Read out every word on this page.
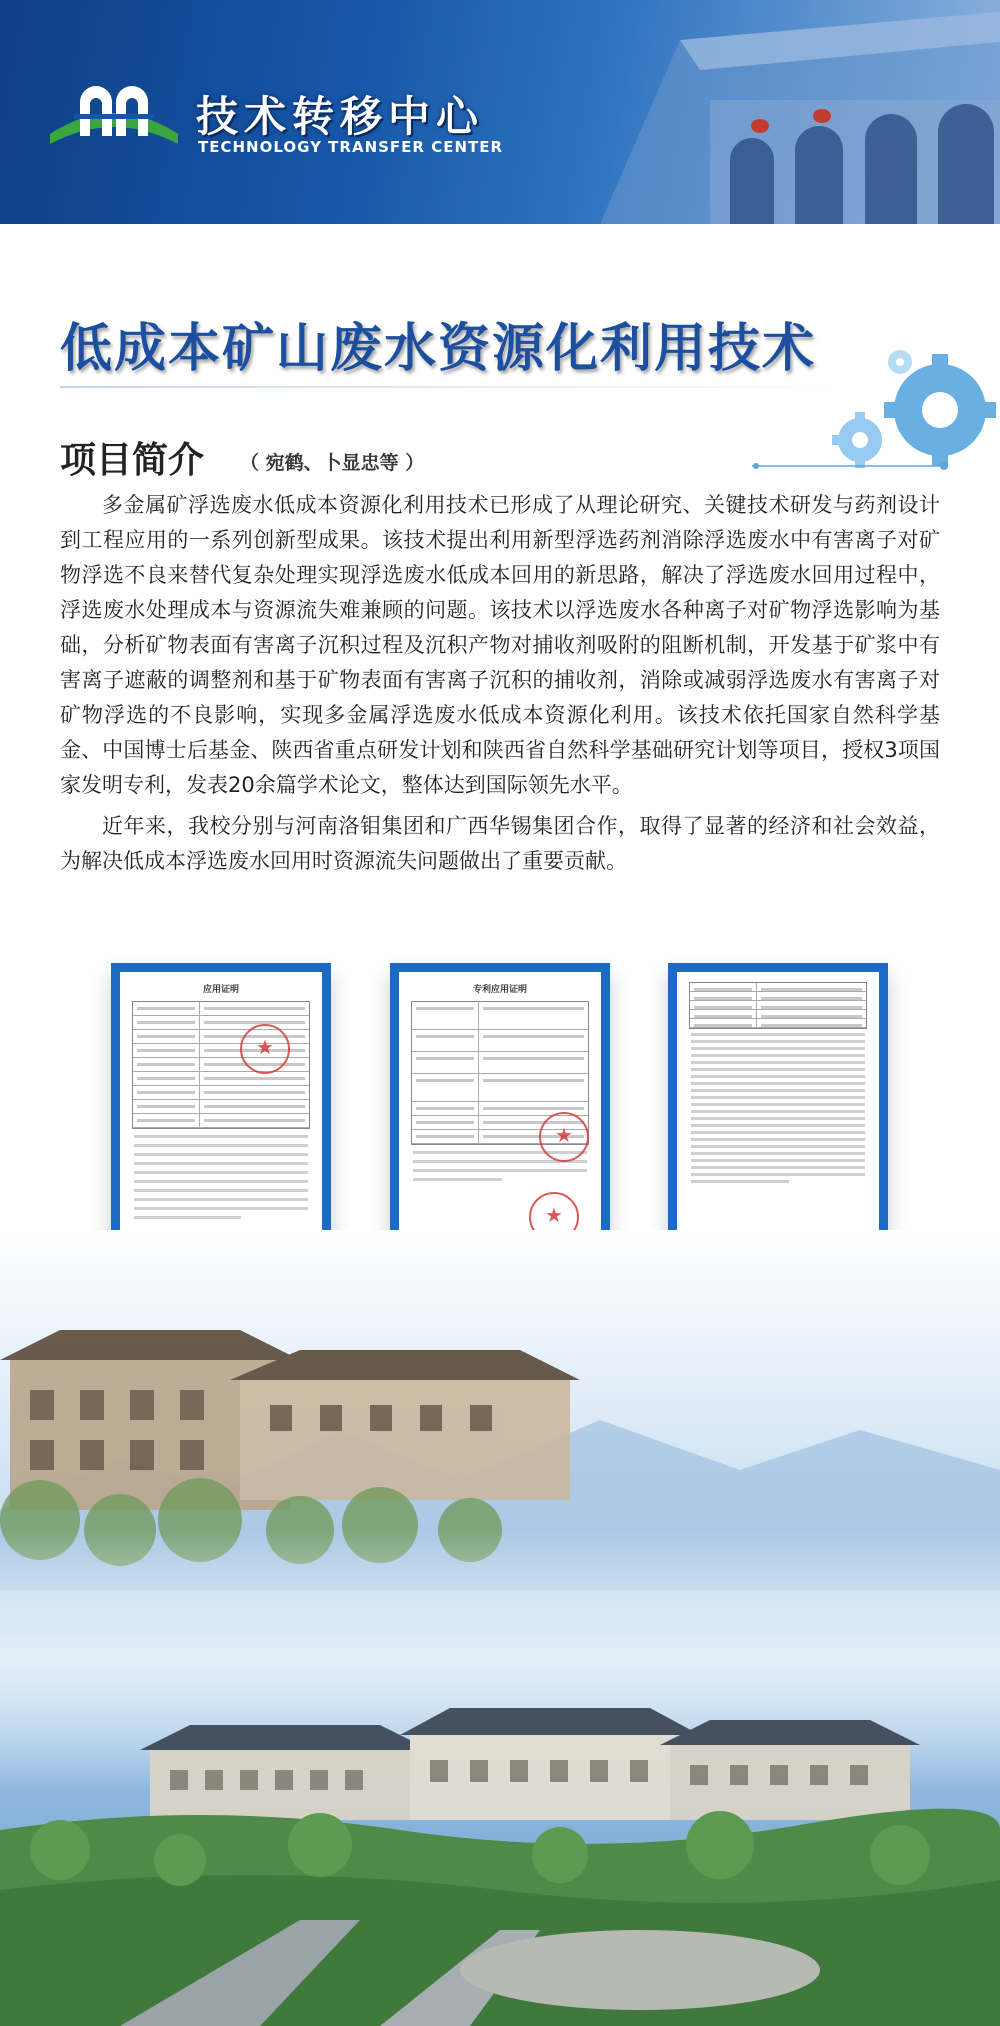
技术转移中心
TECHNOLOGY TRANSFER CENTER
低成本矿山废水资源化利用技术
项目简介 （ 宛鹤、卜显忠等 ）

多金属矿浮选废水低成本资源化利用技术已形成了从理论研究、关键技术研发与药剂设计到工程应用的一系列创新型成果。该技术提出利用新型浮选药剂消除浮选废水中有害离子对矿物浮选不良来替代复杂处理实现浮选废水低成本回用的新思路，解决了浮选废水回用过程中，浮选废水处理成本与资源流失难兼顾的问题。该技术以浮选废水各种离子对矿物浮选影响为基础，分析矿物表面有害离子沉积过程及沉积产物对捕收剂吸附的阻断机制，开发基于矿浆中有害离子遮蔽的调整剂和基于矿物表面有害离子沉积的捕收剂，消除或减弱浮选废水有害离子对矿物浮选的不良影响，实现多金属浮选废水低成本资源化利用。该技术依托国家自然科学基金、中国博士后基金、陕西省重点研发计划和陕西省自然科学基础研究计划等项目，授权3项国家发明专利，发表20余篇学术论文，整体达到国际领先水平。

近年来，我校分别与河南洛钼集团和广西华锡集团合作，取得了显著的经济和社会效益，为解决低成本浮选废水回用时资源流失问题做出了重要贡献。

应用证明
★	专利应用证明
★
★
